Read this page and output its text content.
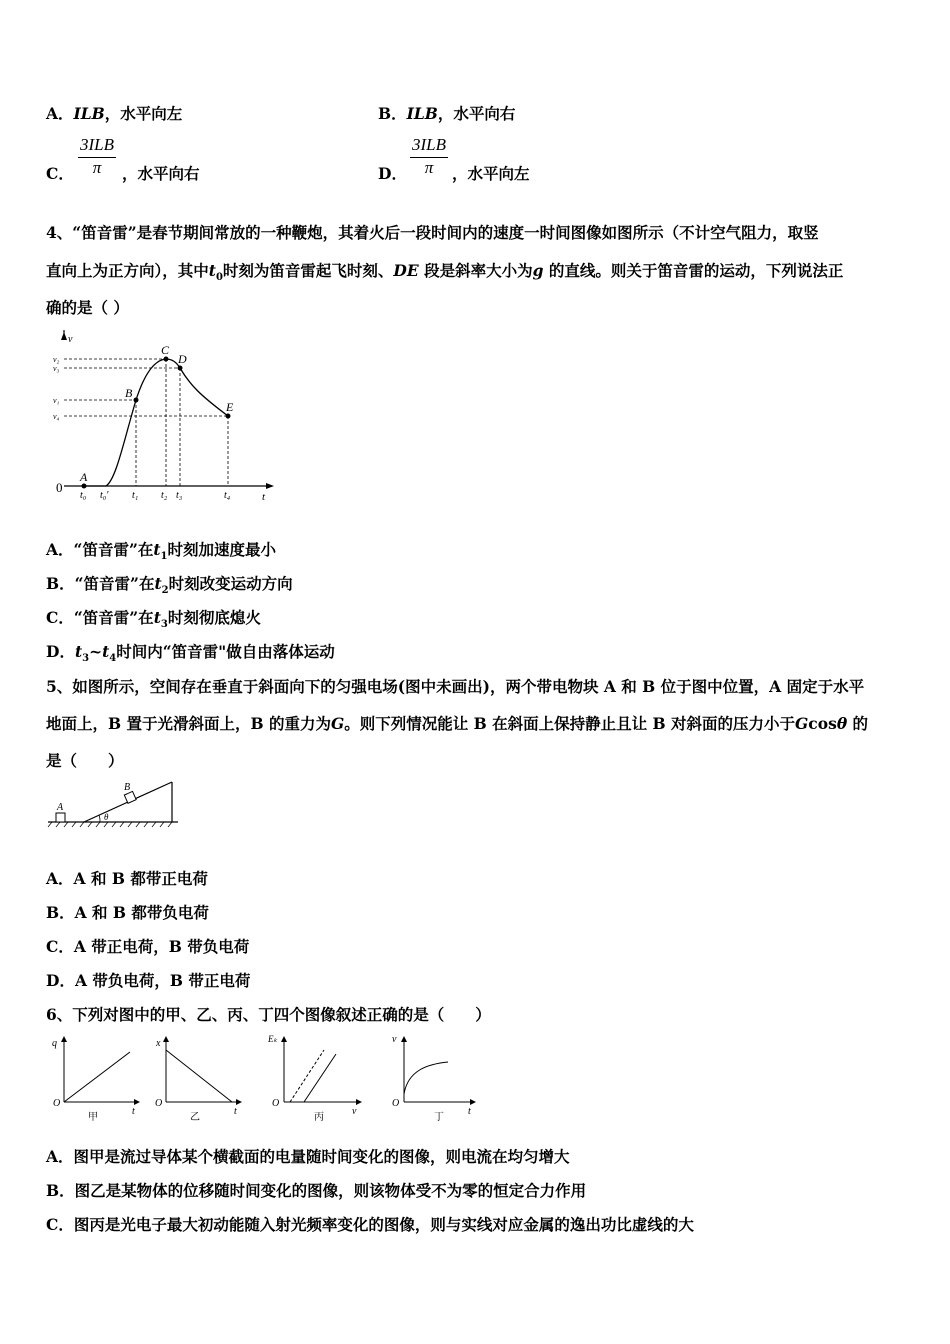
A．ILB，水平向左	B．ILB，水平向右
C．
3ILB
π	，水平向右	D．
3ILB
π	，水平向左
4、“笛音雷”是春节期间常放的一种鞭炮，其着火后一段时间内的速度一时间图像如图所示（不计空气阻力，取竖
直向上为正方向），其中$t_0$时刻为笛音雷起飞时刻、DE 段是斜率大小为g 的直线。则关于笛音雷的运动，下列说法正
确的是（ ）
v
t
0
A
B
C
D
E
v₂
v₃
v₁
v₄
t₀ t₀′ t₁ t₂ t₃	t₄
A．“笛音雷”在$t_1$时刻加速度最小
B．“笛音雷”在$t_2$时刻改变运动方向
C．“笛音雷”在$t_3$时刻彻底熄火
D．$t_3\sim t_4$时间内“笛音雷"做自由落体运动
5、如图所示，空间存在垂直于斜面向下的匀强电场(图中未画出)，两个带电物块 A 和 B 位于图中位置，A 固定于水平
地面上，B 置于光滑斜面上，B 的重力为G。则下列情况能让 B 在斜面上保持静止且让 B 对斜面的压力小于Gcosθ 的
是（　　）
A
B
θ
A．A 和 B 都带正电荷
B．A 和 B 都带负电荷
C．A 带正电荷，B 带负电荷
D．A 带负电荷，B 带正电荷
6、下列对图中的甲、乙、丙、丁四个图像叙述正确的是（　　）
q
t
O
甲
x
t
O
乙
Eₖ
ν
O
丙
v
t
O
丁
A．图甲是流过导体某个横截面的电量随时间变化的图像，则电流在均匀增大
B．图乙是某物体的位移随时间变化的图像，则该物体受不为零的恒定合力作用
C．图丙是光电子最大初动能随入射光频率变化的图像，则与实线对应金属的逸出功比虚线的大
